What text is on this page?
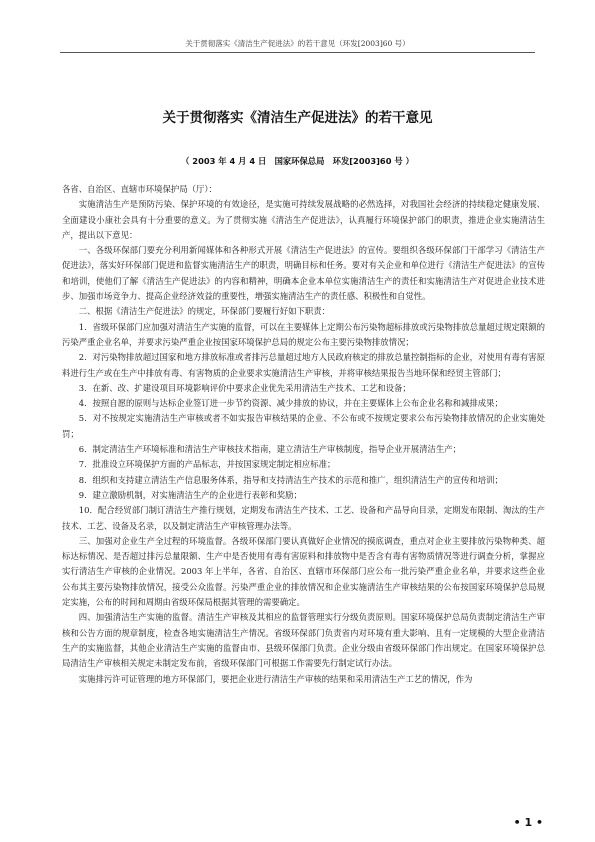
关于贯彻落实《清洁生产促进法》的若干意见（环发[2003]60 号）
关于贯彻落实《清洁生产促进法》的若干意见
（ 2003 年 4 月 4 日　国家环保总局　环发[2003]60 号 ）

各省、自治区、直辖市环境保护局（厅）：

实施清洁生产是预防污染、保护环境的有效途径，是实施可持续发展战略的必然选择，对我国社会经济的持续稳定健康发展、全面建设小康社会具有十分重要的意义。为了贯彻实施《清洁生产促进法》，认真履行环境保护部门的职责，推进企业实施清洁生产，提出以下意见：

一、各级环保部门要充分利用新闻媒体和各种形式开展《清洁生产促进法》的宣传。要组织各级环保部门干部学习《清洁生产促进法》，落实好环保部门促进和监督实施清洁生产的职责，明确目标和任务。要对有关企业和单位进行《清洁生产促进法》的宣传和培训，使他们了解《清洁生产促进法》的内容和精神，明确本企业本单位实施清洁生产的责任和实施清洁生产对促进企业技术进步、加强市场竞争力、提高企业经济效益的重要性，增强实施清洁生产的责任感、积极性和自觉性。

二、根据《清洁生产促进法》的规定，环保部门要履行好如下职责：

1．省级环保部门应加强对清洁生产实施的监督，可以在主要媒体上定期公布污染物超标排放或污染物排放总量超过规定限额的污染严重企业名单，并要求污染严重企业按国家环境保护总局的规定公布主要污染物排放情况；

2．对污染物排放超过国家和地方排放标准或者排污总量超过地方人民政府核定的排放总量控制指标的企业，对使用有毒有害原料进行生产或在生产中排放有毒、有害物质的企业要求实施清洁生产审核，并将审核结果报告当地环保和经贸主管部门；

3．在新、改、扩建设项目环境影响评价中要求企业优先采用清洁生产技术、工艺和设备；

4．按照自愿的原则与达标企业签订进一步节约资源、减少排放的协议，并在主要媒体上公布企业名称和减排成果；

5．对不按规定实施清洁生产审核或者不如实报告审核结果的企业、不公布或不按规定要求公布污染物排放情况的企业实施处罚；

6．制定清洁生产环境标准和清洁生产审核技术指南，建立清洁生产审核制度，指导企业开展清洁生产；

7．批准设立环境保护方面的产品标志，并按国家规定制定相应标准；

8．组织和支持建立清洁生产信息服务体系，指导和支持清洁生产技术的示范和推广，组织清洁生产的宣传和培训；

9．建立激励机制，对实施清洁生产的企业进行表彰和奖励；

10．配合经贸部门制订清洁生产推行规划，定期发布清洁生产技术、工艺、设备和产品导向目录，定期发布限制、淘汰的生产技术、工艺、设备及名录，以及制定清洁生产审核管理办法等。

三、加强对企业生产全过程的环境监督。各级环保部门要认真做好企业情况的摸底调查，重点对企业主要排放污染物种类、超标达标情况、是否超过排污总量限额、生产中是否使用有毒有害原料和排放物中是否含有毒有害物质情况等进行调查分析，掌握应实行清洁生产审核的企业情况。2003 年上半年，各省、自治区、直辖市环保部门应公布一批污染严重企业名单，并要求这些企业公布其主要污染物排放情况，接受公众监督。污染严重企业的排放情况和企业实施清洁生产审核结果的公布按国家环境保护总局规定实施，公布的时间和周期由省级环保局根据其管理的需要确定。

四、加强清洁生产实施的监督。清洁生产审核及其相应的监督管理实行分级负责原则。国家环境保护总局负责制定清洁生产审核和公告方面的规章制度，检查各地实施清洁生产情况。省级环保部门负责省内对环境有重大影响、且有一定规模的大型企业清洁生产的实施监督，其他企业清洁生产实施的监督由市、县级环保部门负责。企业分级由省级环保部门作出规定。在国家环境保护总局清洁生产审核相关规定未制定发布前，省级环保部门可根据工作需要先行制定试行办法。

实施排污许可证管理的地方环保部门，要把企业进行清洁生产审核的结果和采用清洁生产工艺的情况，作为

• 1 •
